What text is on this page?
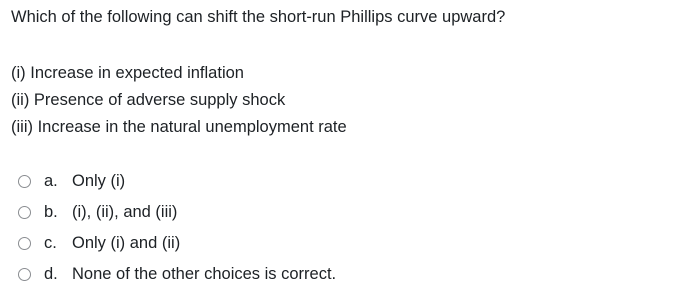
Which of the following can shift the short-run Phillips curve upward?
(i) Increase in expected inflation
(ii) Presence of adverse supply shock
(iii) Increase in the natural unemployment rate
a. Only (i)
b. (i), (ii), and (iii)
c. Only (i) and (ii)
d. None of the other choices is correct.
